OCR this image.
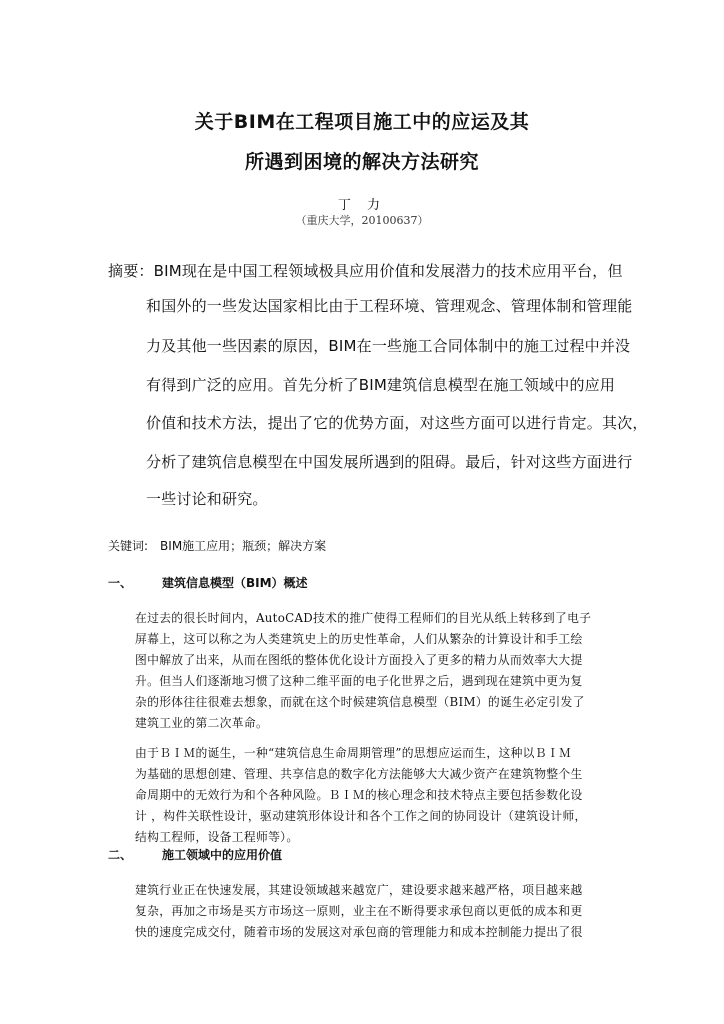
关于BIM在工程项目施工中的应运及其
所遇到困境的解决方法研究
丁 力
（重庆大学，20100637）
摘要：BIM现在是中国工程领域极具应用价值和发展潜力的技术应用平台，但
和国外的一些发达国家相比由于工程环境、管理观念、管理体制和管理能
力及其他一些因素的原因，BIM在一些施工合同体制中的施工过程中并没
有得到广泛的应用。首先分析了BIM建筑信息模型在施工领域中的应用
价值和技术方法，提出了它的优势方面，对这些方面可以进行肯定。其次，
分析了建筑信息模型在中国发展所遇到的阻碍。最后，针对这些方面进行
一些讨论和研究。
关键词: BIM施工应用；瓶颈；解决方案
一、 建筑信息模型（BIM）概述
在过去的很长时间内，AutoCAD技术的推广使得工程师们的目光从纸上转移到了电子
屏幕上，这可以称之为人类建筑史上的历史性革命，人们从繁杂的计算设计和手工绘
图中解放了出来，从而在图纸的整体优化设计方面投入了更多的精力从而效率大大提
升。但当人们逐渐地习惯了这种二维平面的电子化世界之后，遇到现在建筑中更为复
杂的形体往往很难去想象，而就在这个时候建筑信息模型（BIM）的诞生必定引发了
建筑工业的第二次革命。
由于ＢＩＭ的诞生，一种“建筑信息生命周期管理”的思想应运而生，这种以ＢＩＭ
为基础的思想创建、管理、共享信息的数字化方法能够大大减少资产在建筑物整个生
命周期中的无效行为和个各种风险。ＢＩＭ的核心理念和技术特点主要包括参数化设
计 ，构件关联性设计，驱动建筑形体设计和各个工作之间的协同设计（建筑设计师，
结构工程师，设备工程师等）。
二、 施工领域中的应用价值
建筑行业正在快速发展，其建设领域越来越宽广，建设要求越来越严格，项目越来越
复杂，再加之市场是买方市场这一原则，业主在不断得要求承包商以更低的成本和更
快的速度完成交付，随着市场的发展这对承包商的管理能力和成本控制能力提出了很
